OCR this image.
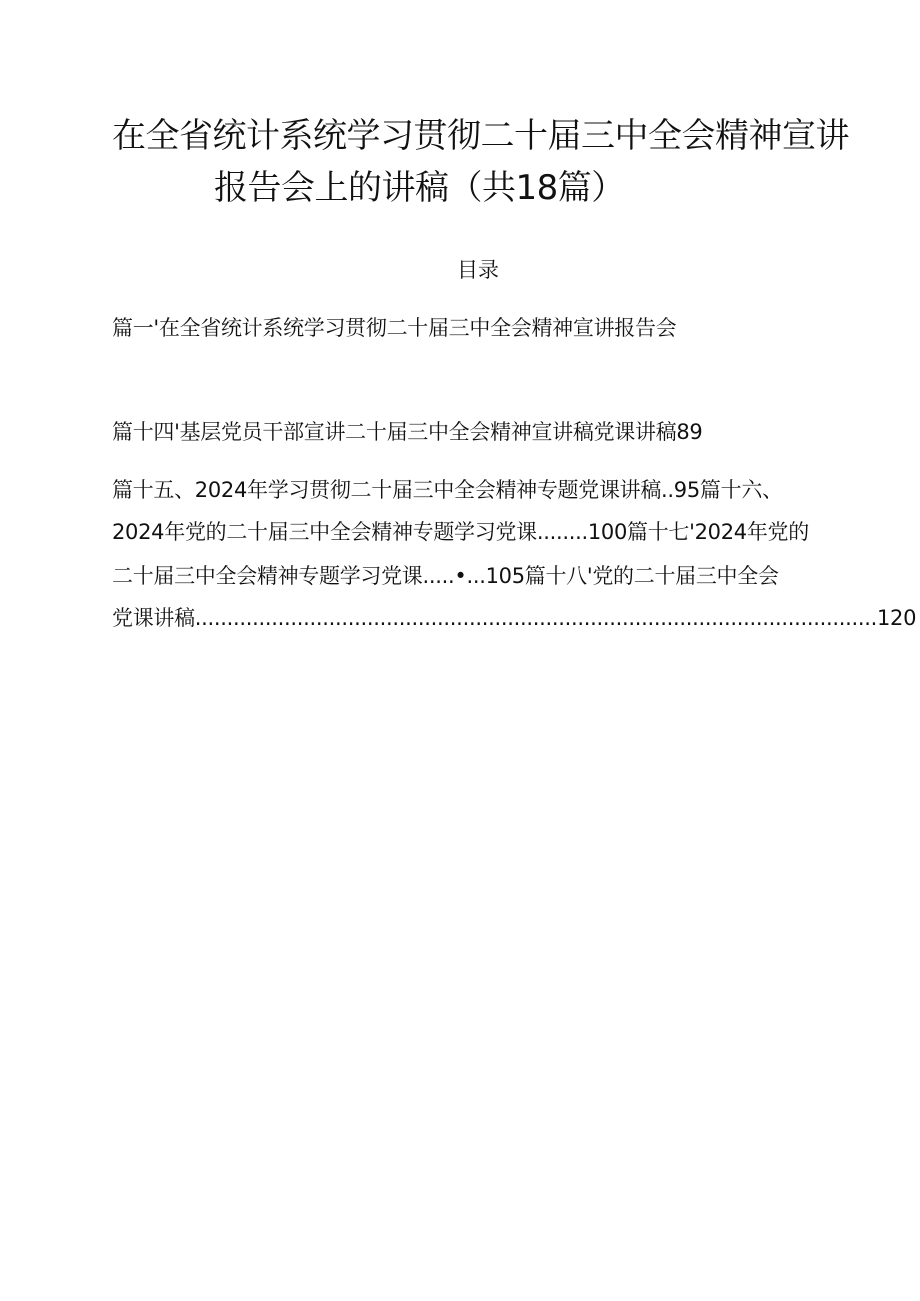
在全省统计系统学习贯彻二十届三中全会精神宣讲
报告会上的讲稿（共18篇）
目录
篇一'在全省统计系统学习贯彻二十届三中全会精神宣讲报告会
篇十四'基层党员干部宣讲二十届三中全会精神宣讲稿党课讲稿89
篇十五、2024年学习贯彻二十届三中全会精神专题党课讲稿..95篇十六、
2024年党的二十届三中全会精神专题学习党课........100篇十七'2024年党的
二十届三中全会精神专题学习党课.....•...105篇十八'党的二十届三中全会
党课讲稿...........................................................................................................120
